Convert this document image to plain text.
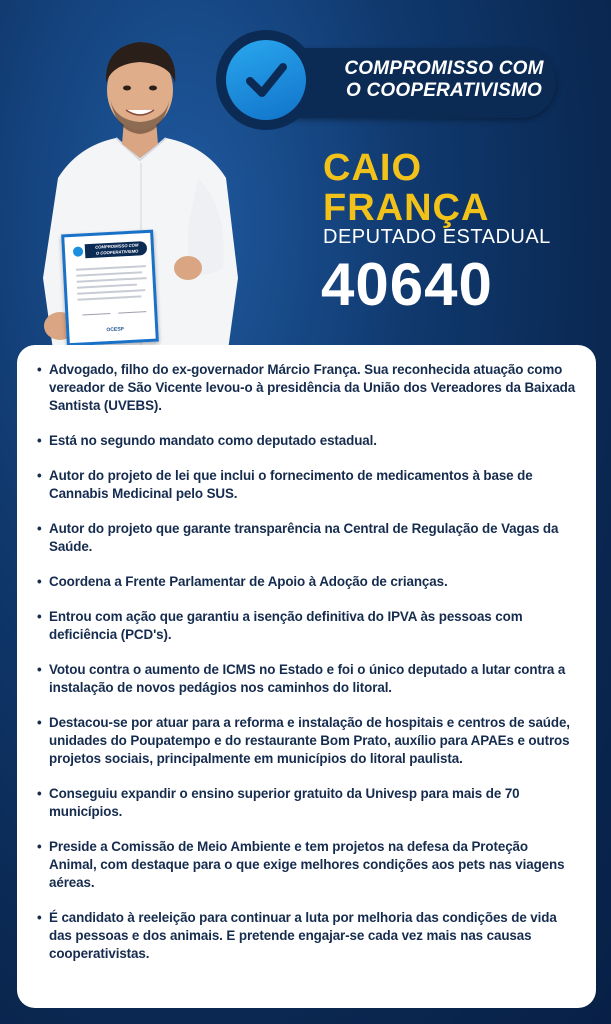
COMPROMISSO COM
O COOPERATIVISMO
OCESP
COMPROMISSO COM
O COOPERATIVISMO
CAIO
FRANÇA
DEPUTADO ESTADUAL
40640
• Advogado, filho do ex-governador Márcio França. Sua reconhecida atuação como vereador de São Vicente levou-o à presidência da União dos Vereadores da Baixada Santista (UVEBS).
• Está no segundo mandato como deputado estadual.
• Autor do projeto de lei que inclui o fornecimento de medicamentos à base de Cannabis Medicinal pelo SUS.
• Autor do projeto que garante transparência na Central de Regulação de Vagas da Saúde.
• Coordena a Frente Parlamentar de Apoio à Adoção de crianças.
• Entrou com ação que garantiu a isenção definitiva do IPVA às pessoas com deficiência (PCD's).
• Votou contra o aumento de ICMS no Estado e foi o único deputado a lutar contra a instalação de novos pedágios nos caminhos do litoral.
• Destacou-se por atuar para a reforma e instalação de hospitais e centros de saúde, unidades do Poupatempo e do restaurante Bom Prato, auxílio para APAEs e outros projetos sociais, principalmente em municípios do litoral paulista.
• Conseguiu expandir o ensino superior gratuito da Univesp para mais de 70 municípios.
• Preside a Comissão de Meio Ambiente e tem projetos na defesa da Proteção Animal, com destaque para o que exige melhores condições aos pets nas viagens aéreas.
• É candidato à reeleição para continuar a luta por melhoria das condições de vida das pessoas e dos animais. E pretende engajar-se cada vez mais nas causas cooperativistas.
